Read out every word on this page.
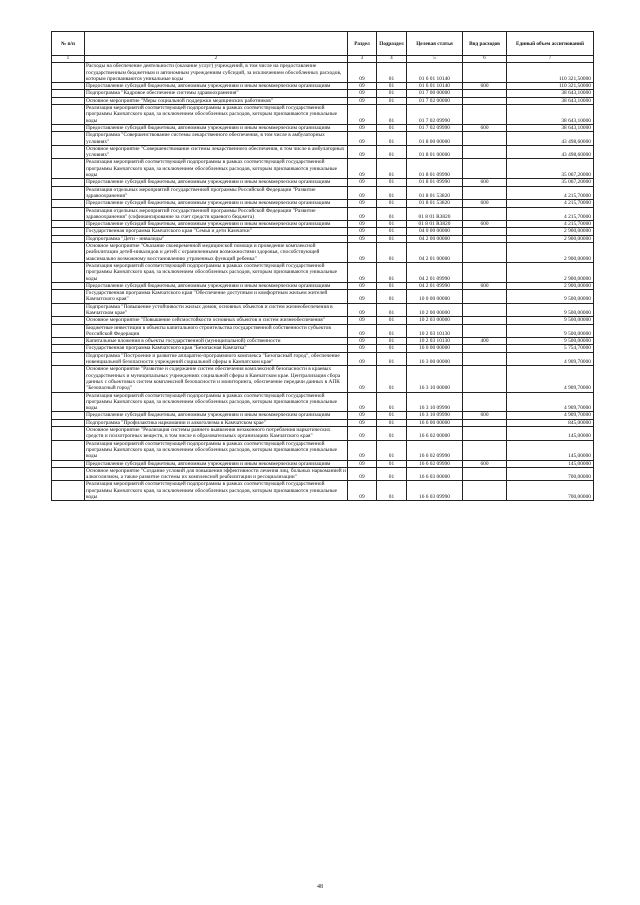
№ п/п		Раздел	Подраздел	Целевая статья	Вид расходов	Единый объем ассигнований
1	2	3	4	5	6	7
	Расходы на обеспечение деятельности (оказание услуг) учреждений, в том числе на предоставление государственным бюджетным и автономным учреждениям субсидий, за исключением обособленных расходов, которым присваиваются уникальные коды	09	01	01 6 01 10140		110 321,50000
	Предоставление субсидий бюджетным, автономным учреждениям и иным некоммерческим организациям	09	01	01 6 01 10140	600	110 321,50000
	Подпрограмма "Кадровое обеспечение системы здравоохранения"	09	01	01 7 00 00000		38 643,10000
	Основное мероприятие "Меры социальной поддержки медицинских работников"	09	01	01 7 02 00000		38 643,10000
	Реализация мероприятий соответствующей подпрограммы в рамках соответствующей государственной программы Камчатского края, за исключением обособленных расходов, которым присваиваются уникальные коды	09	01	01 7 02 09990		38 643,10000
	Предоставление субсидий бюджетным, автономным учреждениям и иным некоммерческим организациям	09	01	01 7 02 09990	600	38 643,10000
	Подпрограмма "Совершенствование системы лекарственного обеспечения, в том числе в амбулаторных условиях"	09	01	01 8 00 00000		43 498,60000
	Основное мероприятие "Совершенствование системы лекарственного обеспечения, в том числе в амбулаторных условиях"	09	01	01 8 01 00000		43 498,60000
	Реализация мероприятий соответствующей подпрограммы в рамках соответствующей государственной программы Камчатского края, за исключением обособленных расходов, которым присваиваются уникальные коды	09	01	01 8 01 09990		35 067,20000
	Предоставление субсидий бюджетным, автономным учреждениям и иным некоммерческим организациям	09	01	01 8 01 09990	600	35 067,20000
	Реализация отдельных мероприятий государственной программы Российской Федерации "Развитие здравоохранения"	09	01	01 8 01 53820		4 215,70000
	Предоставление субсидий бюджетным, автономным учреждениям и иным некоммерческим организациям	09	01	01 8 01 53820	600	4 215,70000
	Реализация отдельных мероприятий государственной программы Российской Федерации "Развитие здравоохранения" (софинансирование за счет средств краевого бюджета)	09	01	01 8 01 R3820		4 215,70000
	Предоставление субсидий бюджетным, автономным учреждениям и иным некоммерческим организациям	09	01	01 8 01 R3820	600	4 215,70000
	Государственная программа Камчатского края "Семья и дети Камчатки"	09	01	04 0 00 00000		2 900,00000
	Подпрограмма "Дети - инвалиды"	09	01	04 2 00 00000		2 900,00000
	Основное мероприятие "Оказание своевременной медицинской помощи и проведение комплексной реабилитации детей-инвалидов и детей с ограниченными возможностями здоровья, способствующей максимально возможному восстановлению утраченных функций ребенка"	09	01	04 2 01 00000		2 900,00000
	Реализация мероприятий соответствующей подпрограммы в рамках соответствующей государственной программы Камчатского края, за исключением обособленных расходов, которым присваиваются уникальные коды	09	01	04 2 01 09990		2 900,00000
	Предоставление субсидий бюджетным, автономным учреждениям и иным некоммерческим организациям	09	01	04 2 01 09990	600	2 900,00000
	Государственная программа Камчатского края "Обеспечение доступным и комфортным жильем жителей Камчатского края"	09	01	10 0 00 00000		9 500,00000
	Подпрограмма "Повышение устойчивости жилых домов, основных объектов и систем жизнеобеспечения в Камчатском крае"	09	01	10 2 00 00000		9 500,00000
	Основное мероприятие "Повышение сейсмостойкости основных объектов и систем жизнеобеспечения"	09	01	10 2 03 00000		9 500,00000
	Бюджетные инвестиции в объекты капитального строительства государственной собственности субъектов Российской Федерации	09	01	10 2 03 10130		9 500,00000
	Капитальные вложения в объекты государственной (муниципальной) собственности	09	01	10 2 03 10130	400	9 500,00000
	Государственная программа Камчатского края "Безопасная Камчатка"	09	01	16 0 00 00000		5 754,70000
	Подпрограмма "Построение и развитие аппаратно-программного комплекса "Безопасный город", обеспечение новенциальной безопасности учреждений социальной сферы в Камчатском крае"	09	01	16 3 00 00000		4 909,70000
	Основное мероприятие "Развитие и содержание систем обеспечения комплексной безопасности в краевых государственных и муниципальных учреждениях социальной сферы в Камчатском крае. Централизация сбора данных с объектовых систем комплексной безопасности и мониторинга, обеспечение передачи данных в АПК "Безопасный город"	09	01	16 3 10 00000		4 909,70000
	Реализация мероприятий соответствующей подпрограммы в рамках соответствующей государственной программы Камчатского края, за исключением обособленных расходов, которым присваиваются уникальные коды	09	01	16 3 10 09990		4 909,70000
	Предоставление субсидий бюджетным, автономным учреждениям и иным некоммерческим организациям	09	01	16 3 10 09990	600	4 909,70000
	Подпрограмма "Профилактика наркомании и алкоголизма в Камчатском крае"	09	01	16 6 00 00000		845,00000
	Основное мероприятие "Реализация системы раннего выявления незаконного потребления наркотических средств и психотропных веществ, в том числе в образовательных организациях Камчатского края"	09	01	16 6 02 00000		145,00000
	Реализация мероприятий соответствующей подпрограммы в рамках соответствующей государственной программы Камчатского края, за исключением обособленных расходов, которым присваиваются уникальные коды	09	01	16 6 02 09990		145,00000
	Предоставление субсидий бюджетным, автономным учреждениям и иным некоммерческим организациям	09	01	16 6 02 09990	600	145,00000
	Основное мероприятие "Создание условий для повышения эффективности лечения лиц, больных наркоманией и алкоголизмом, а также развитие системы их комплексной реабилитации и ресоциализации"	09	01	16 6 03 00000		700,00000
	Реализация мероприятий соответствующей подпрограммы в рамках соответствующей государственной программы Камчатского края, за исключением обособленных расходов, которым присваиваются уникальные коды	09	01	16 6 03 09990		700,00000
48
